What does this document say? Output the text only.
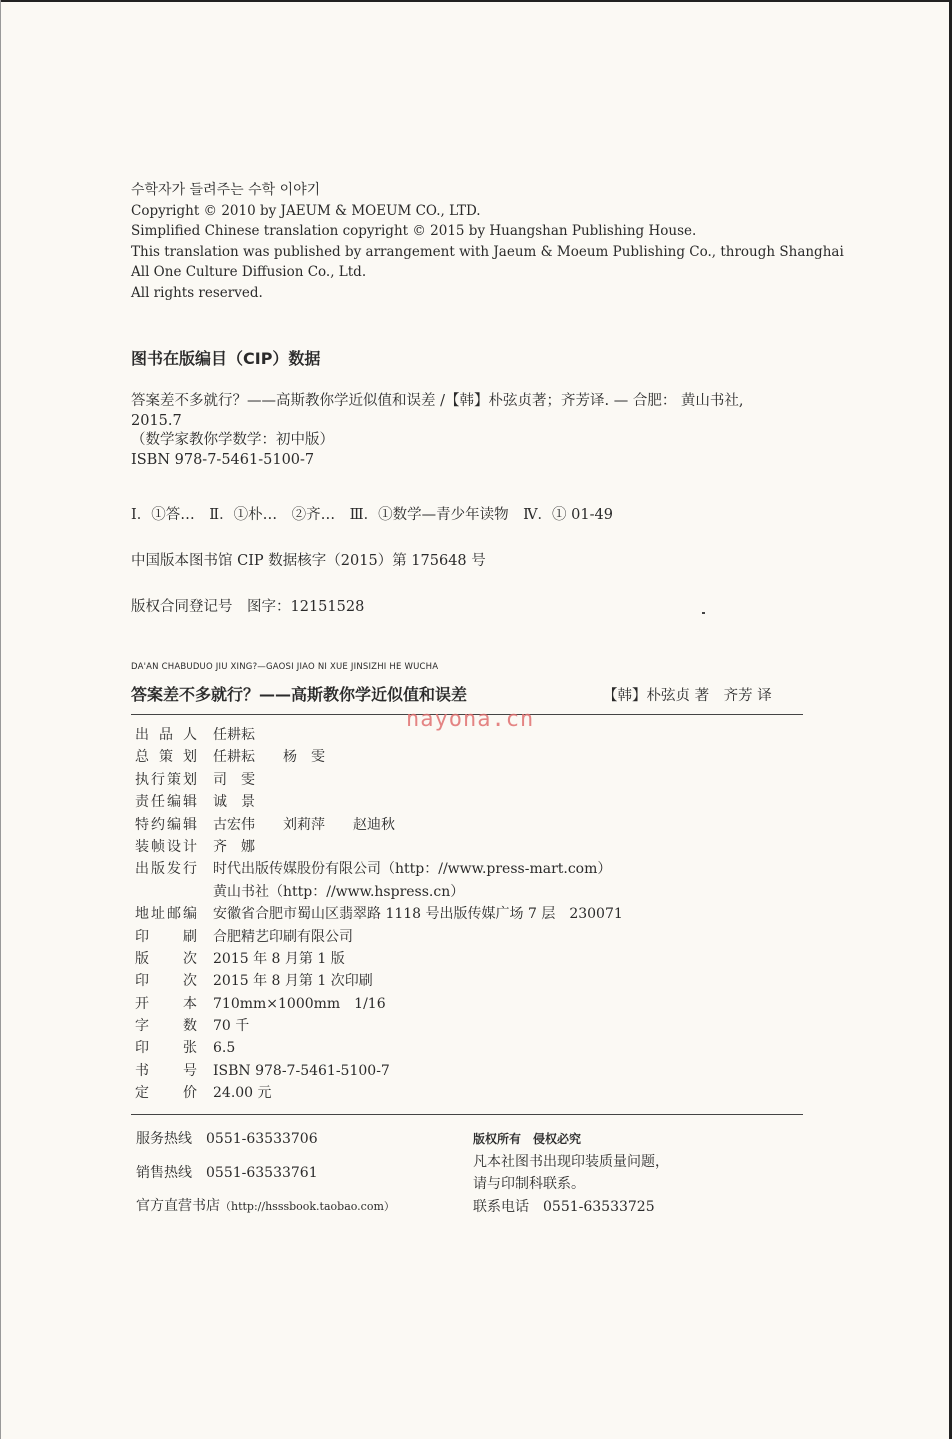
수학자가 들려주는 수학 이야기
Copyright © 2010 by JAEUM & MOEUM CO., LTD.
Simplified Chinese translation copyright © 2015 by Huangshan Publishing House.
This translation was published by arrangement with Jaeum & Moeum Publishing Co., through Shanghai
All One Culture Diffusion Co., Ltd.
All rights reserved.
图书在版编目（CIP）数据
答案差不多就行？——高斯教你学近似值和误差 /【韩】朴弦贞著；齐芳译. — 合肥： 黄山书社,
2015.7
（数学家教你学数学：初中版）
ISBN 978-7-5461-5100-7
Ⅰ．①答…　Ⅱ．①朴…　②齐…　Ⅲ．①数学—青少年读物　Ⅳ．① 01-49
中国版本图书馆 CIP 数据核字（2015）第 175648 号
版权合同登记号　图字：12151528
DA'AN CHABUDUO JIU XING?—GAOSI JIAO NI XUE JINSIZHI HE WUCHA
答案差不多就行？——高斯教你学近似值和误差	【韩】朴弦贞 著　齐芳 译
nayona.cn
出品人 任耕耘
总策划 任耕耘　　杨　雯
执行策划 司　雯
责任编辑 诚　景
特约编辑 古宏伟　　刘莉萍　　赵迪秋
装帧设计 齐　娜
出版发行 时代出版传媒股份有限公司（http：//www.press-mart.com）
黄山书社（http：//www.hspress.cn）
地址邮编 安徽省合肥市蜀山区翡翠路 1118 号出版传媒广场 7 层　230071
印刷 合肥精艺印刷有限公司
版次 2015 年 8 月第 1 版
印次 2015 年 8 月第 1 次印刷
开本 710mm×1000mm　1/16
字数 70 千
印张 6.5
书号 ISBN 978-7-5461-5100-7
定价 24.00 元
服务热线 0551-63533706
销售热线 0551-63533761
官方直营书店（http://hsssbook.taobao.com）
版权所有　侵权必究
凡本社图书出现印装质量问题，
请与印制科联系。
联系电话 0551-63533725
